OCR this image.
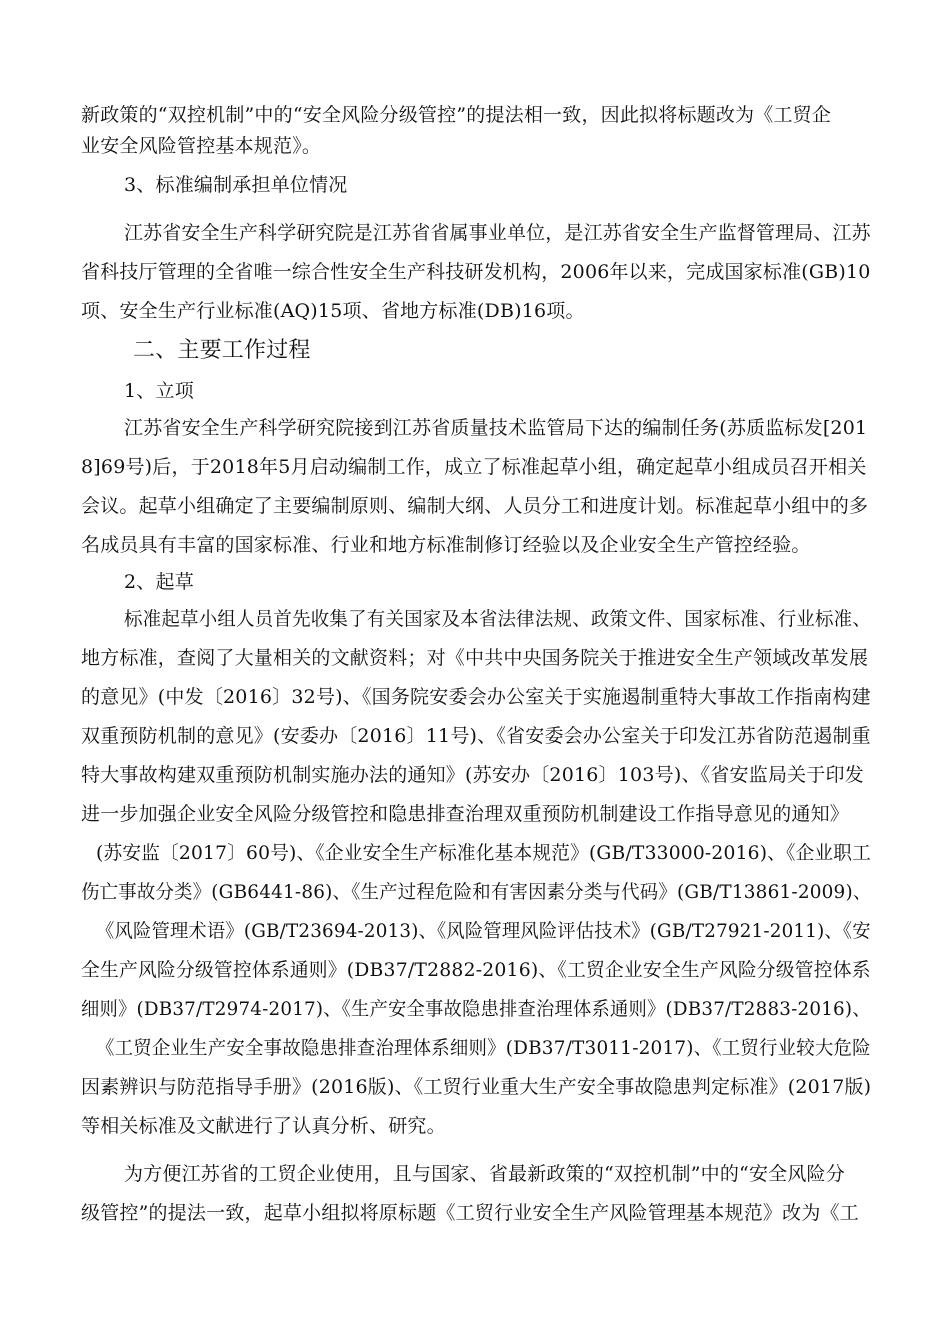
新政策的“双控机制”中的“安全风险分级管控”的提法相一致，因此拟将标题改为《工贸企
业安全风险管控基本规范》。
3、标准编制承担单位情况
江苏省安全生产科学研究院是江苏省省属事业单位，是江苏省安全生产监督管理局、江苏
省科技厅管理的全省唯一综合性安全生产科技研发机构，2006年以来，完成国家标准(GB)10
项、安全生产行业标准(AQ)15项、省地方标准(DB)16项。
二、主要工作过程
1、立项
江苏省安全生产科学研究院接到江苏省质量技术监管局下达的编制任务(苏质监标发[201
8]69号)后，于2018年5月启动编制工作，成立了标准起草小组，确定起草小组成员召开相关
会议。起草小组确定了主要编制原则、编制大纲、人员分工和进度计划。标准起草小组中的多
名成员具有丰富的国家标准、行业和地方标准制修订经验以及企业安全生产管控经验。
2、起草
标准起草小组人员首先收集了有关国家及本省法律法规、政策文件、国家标准、行业标准、
地方标准，查阅了大量相关的文献资料；对《中共中央国务院关于推进安全生产领域改革发展
的意见》(中发〔2016〕32号)、《国务院安委会办公室关于实施遏制重特大事故工作指南构建
双重预防机制的意见》(安委办〔2016〕11号)、《省安委会办公室关于印发江苏省防范遏制重
特大事故构建双重预防机制实施办法的通知》(苏安办〔2016〕103号)、《省安监局关于印发
进一步加强企业安全风险分级管控和隐患排查治理双重预防机制建设工作指导意见的通知》
(苏安监〔2017〕60号)、《企业安全生产标准化基本规范》(GB/T33000-2016)、《企业职工
伤亡事故分类》(GB6441-86)、《生产过程危险和有害因素分类与代码》(GB/T13861-2009)、
《风险管理术语》(GB/T23694-2013)、《风险管理风险评估技术》(GB/T27921-2011)、《安
全生产风险分级管控体系通则》(DB37/T2882-2016)、《工贸企业安全生产风险分级管控体系
细则》(DB37/T2974-2017)、《生产安全事故隐患排查治理体系通则》(DB37/T2883-2016)、
《工贸企业生产安全事故隐患排查治理体系细则》(DB37/T3011-2017)、《工贸行业较大危险
因素辨识与防范指导手册》(2016版)、《工贸行业重大生产安全事故隐患判定标准》(2017版)
等相关标准及文献进行了认真分析、研究。
为方便江苏省的工贸企业使用，且与国家、省最新政策的“双控机制”中的“安全风险分
级管控”的提法一致，起草小组拟将原标题《工贸行业安全生产风险管理基本规范》改为《工
